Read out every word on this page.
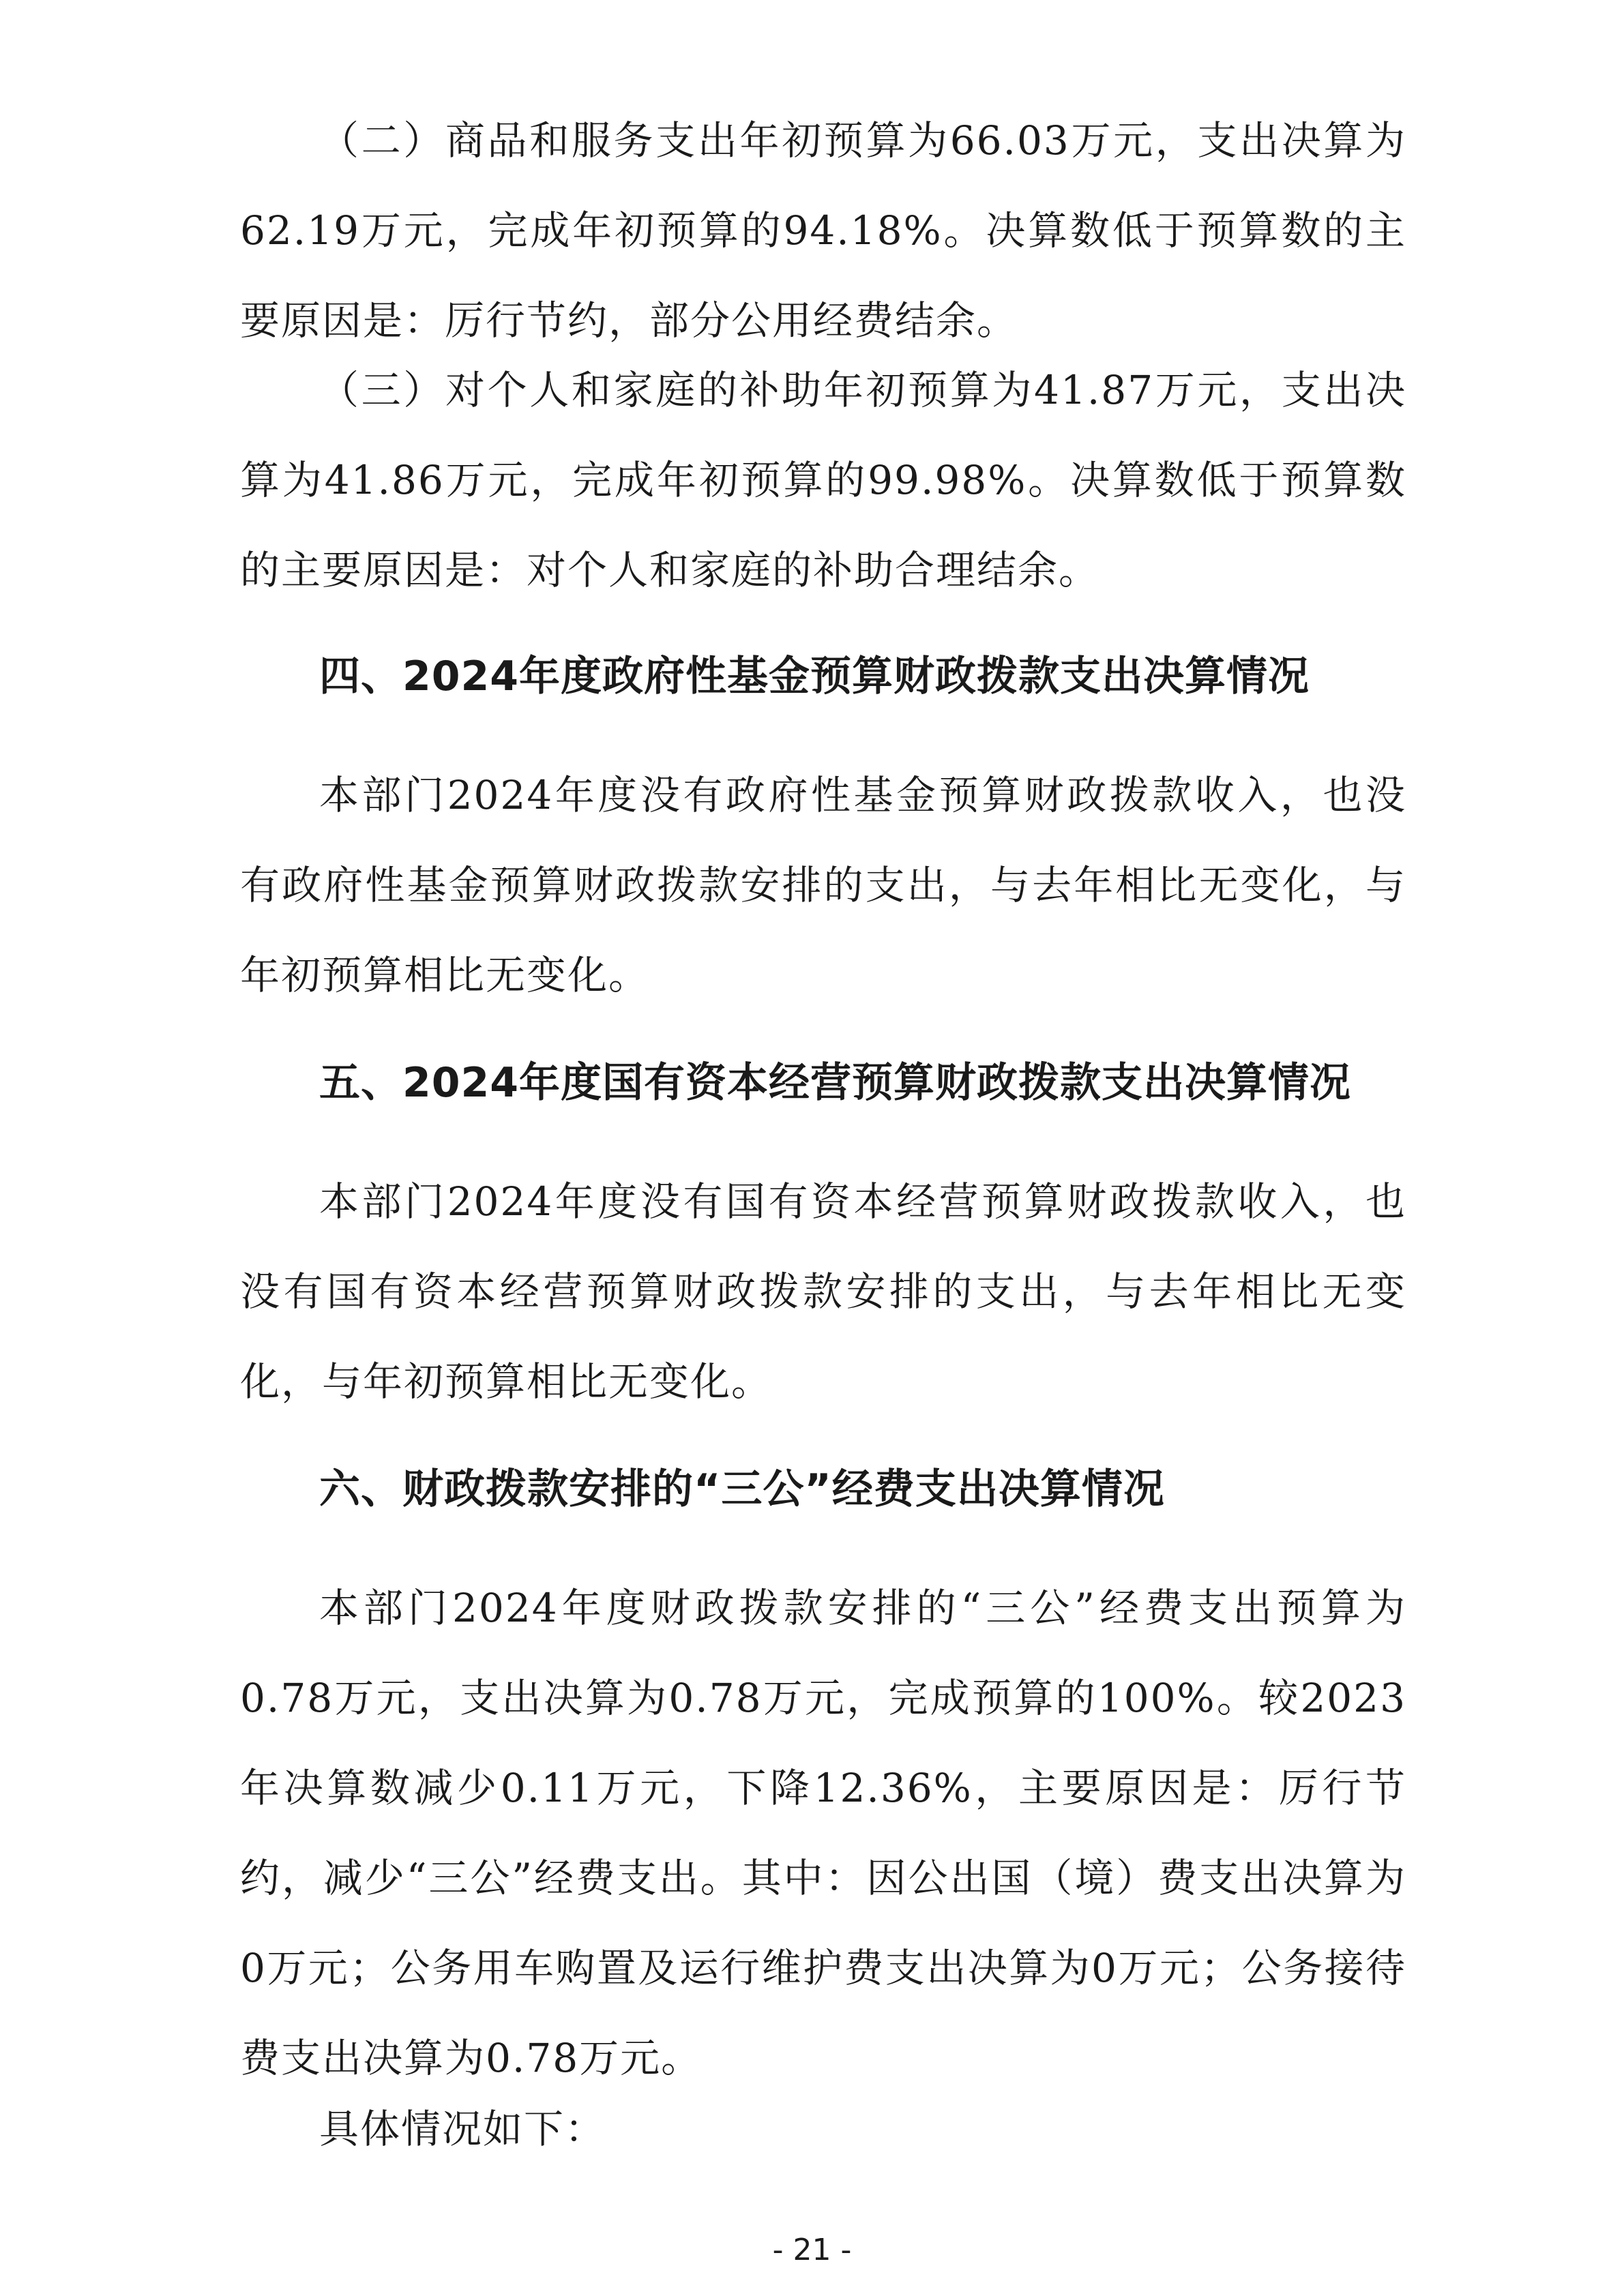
（二）商品和服务支出年初预算为66.03万元，支出决算为62.19万元，完成年初预算的94.18%。决算数低于预算数的主要原因是：厉行节约，部分公用经费结余。

（三）对个人和家庭的补助年初预算为41.87万元，支出决算为41.86万元，完成年初预算的99.98%。决算数低于预算数的主要原因是：对个人和家庭的补助合理结余。

四、2024年度政府性基金预算财政拨款支出决算情况

本部门2024年度没有政府性基金预算财政拨款收入，也没有政府性基金预算财政拨款安排的支出，与去年相比无变化，与年初预算相比无变化。

五、2024年度国有资本经营预算财政拨款支出决算情况

本部门2024年度没有国有资本经营预算财政拨款收入，也没有国有资本经营预算财政拨款安排的支出，与去年相比无变化，与年初预算相比无变化。

六、财政拨款安排的“三公”经费支出决算情况

本部门2024年度财政拨款安排的“三公”经费支出预算为0.78万元，支出决算为0.78万元，完成预算的100%。较2023年决算数减少0.11万元，下降12.36%，主要原因是：厉行节约，减少“三公”经费支出。其中：因公出国（境）费支出决算为0万元；公务用车购置及运行维护费支出决算为0万元；公务接待费支出决算为0.78万元。

具体情况如下：

- 21 -
